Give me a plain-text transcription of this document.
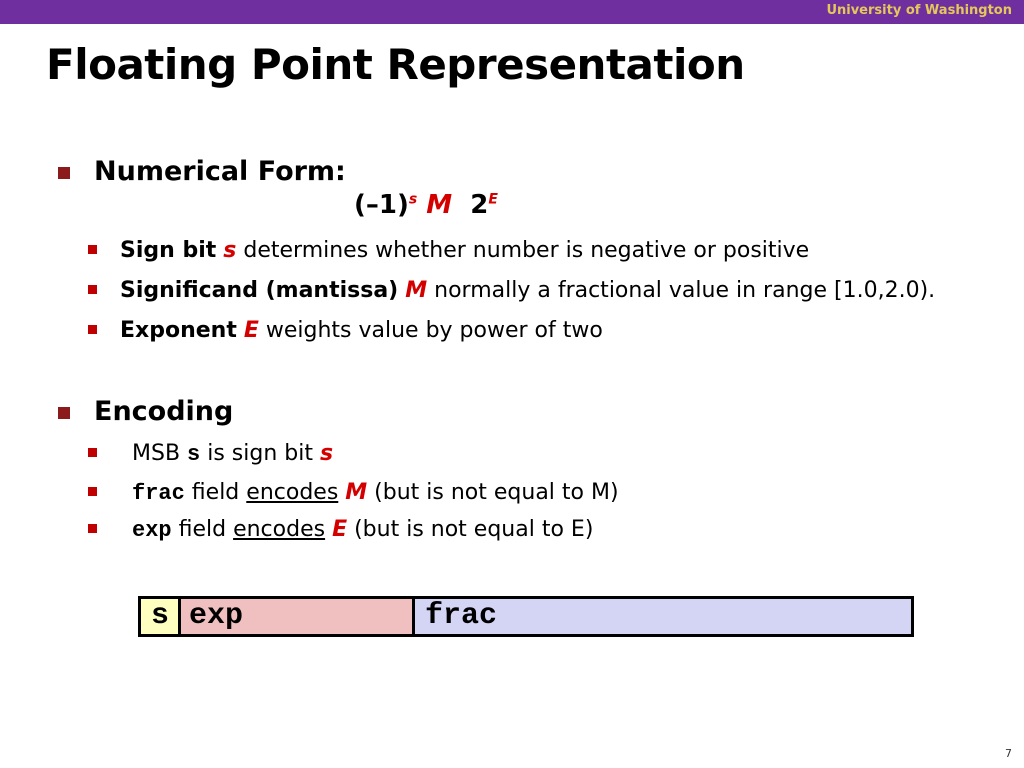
University of Washington
Floating Point Representation
Numerical Form:
$(-1)^s$ M $2^E$
Sign bit s determines whether number is negative or positive
Significand (mantissa) M normally a fractional value in range [1.0,2.0).
Exponent E weights value by power of two
Encoding
MSB s is sign bit s
frac field encodes M (but is not equal to M)
exp field encodes E (but is not equal to E)
s exp	frac
7
